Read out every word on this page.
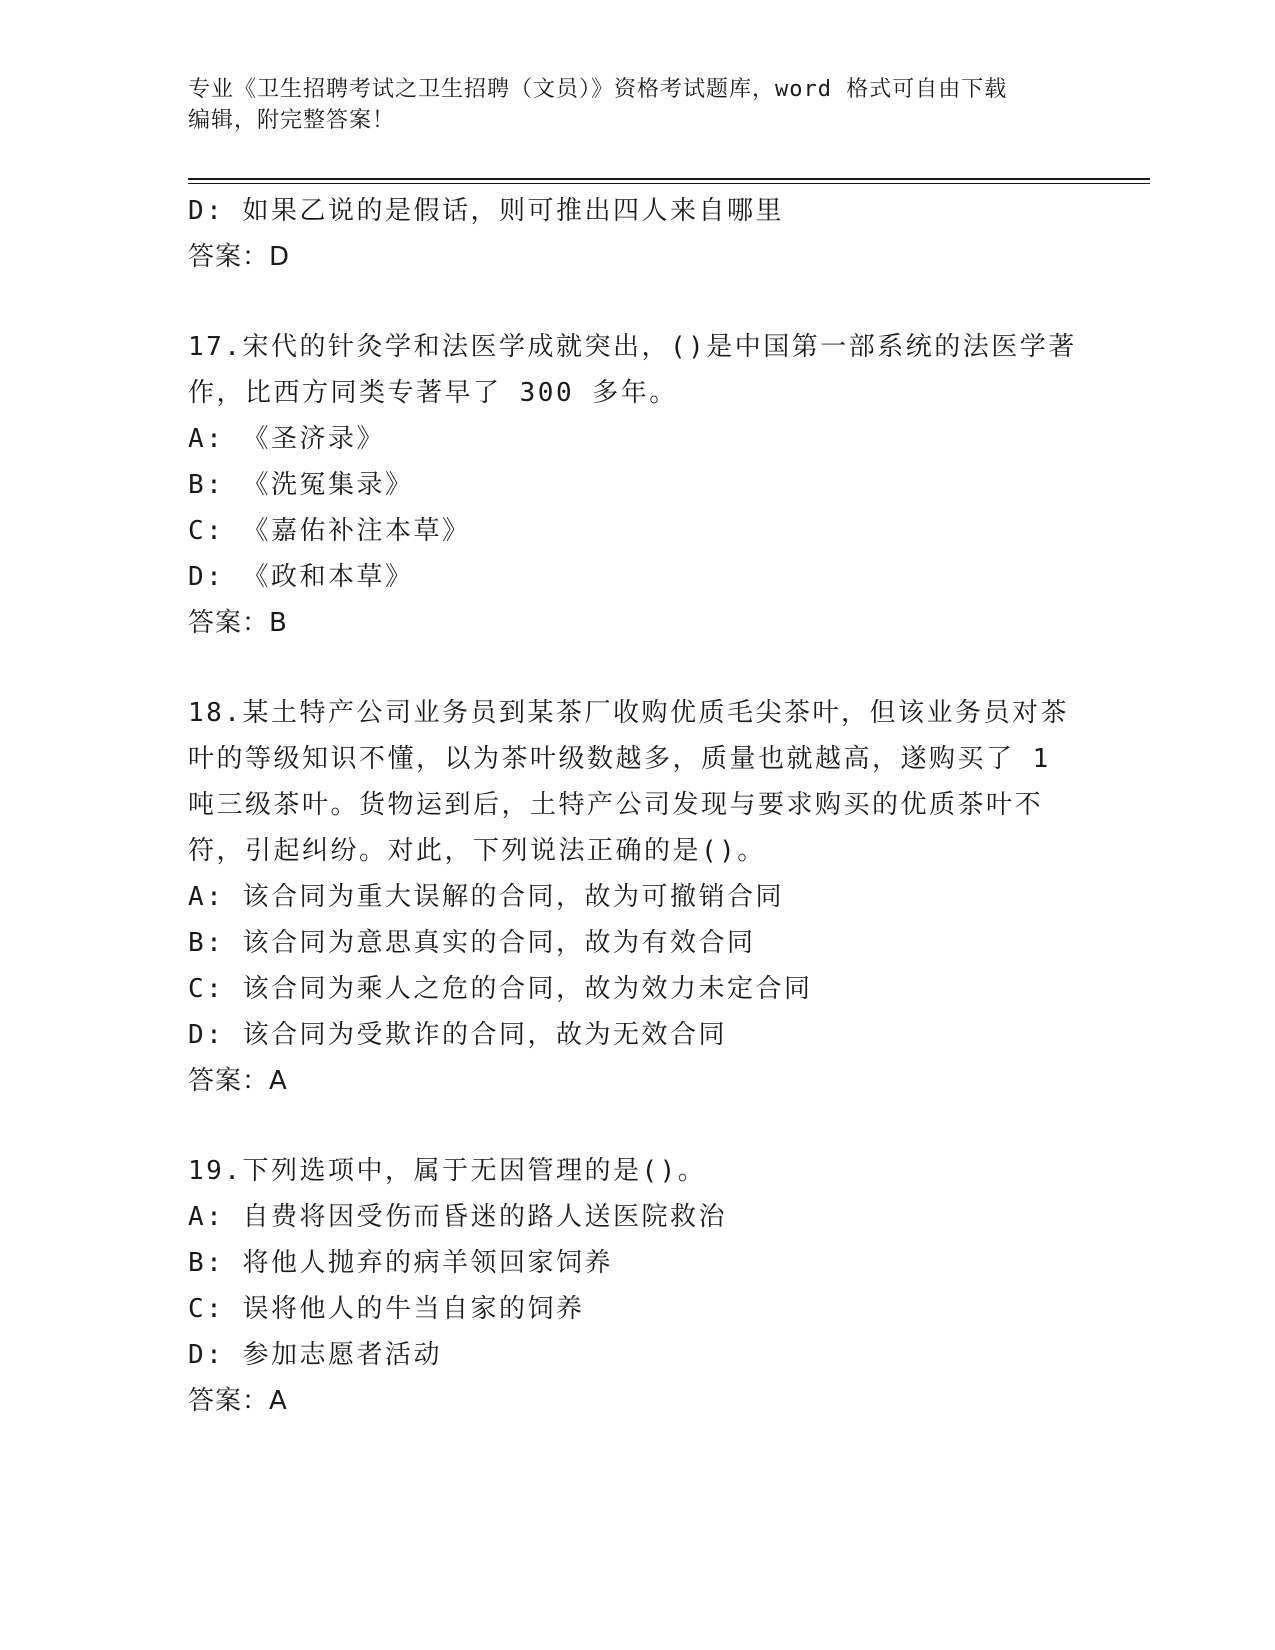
专业《卫生招聘考试之卫生招聘（文员）》资格考试题库，word 格式可自由下载
编辑，附完整答案！
D: 如果乙说的是假话，则可推出四人来自哪里
答案：D
17.宋代的针灸学和法医学成就突出，()是中国第一部系统的法医学著
作，比西方同类专著早了 300 多年。
A: 《圣济录》
B: 《洗冤集录》
C: 《嘉佑补注本草》
D: 《政和本草》
答案：B
18.某土特产公司业务员到某茶厂收购优质毛尖茶叶，但该业务员对茶
叶的等级知识不懂，以为茶叶级数越多，质量也就越高，遂购买了 1
吨三级茶叶。货物运到后，土特产公司发现与要求购买的优质茶叶不
符，引起纠纷。对此，下列说法正确的是()。
A: 该合同为重大误解的合同，故为可撤销合同
B: 该合同为意思真实的合同，故为有效合同
C: 该合同为乘人之危的合同，故为效力未定合同
D: 该合同为受欺诈的合同，故为无效合同
答案：A
19.下列选项中，属于无因管理的是()。
A: 自费将因受伤而昏迷的路人送医院救治
B: 将他人抛弃的病羊领回家饲养
C: 误将他人的牛当自家的饲养
D: 参加志愿者活动
答案：A
